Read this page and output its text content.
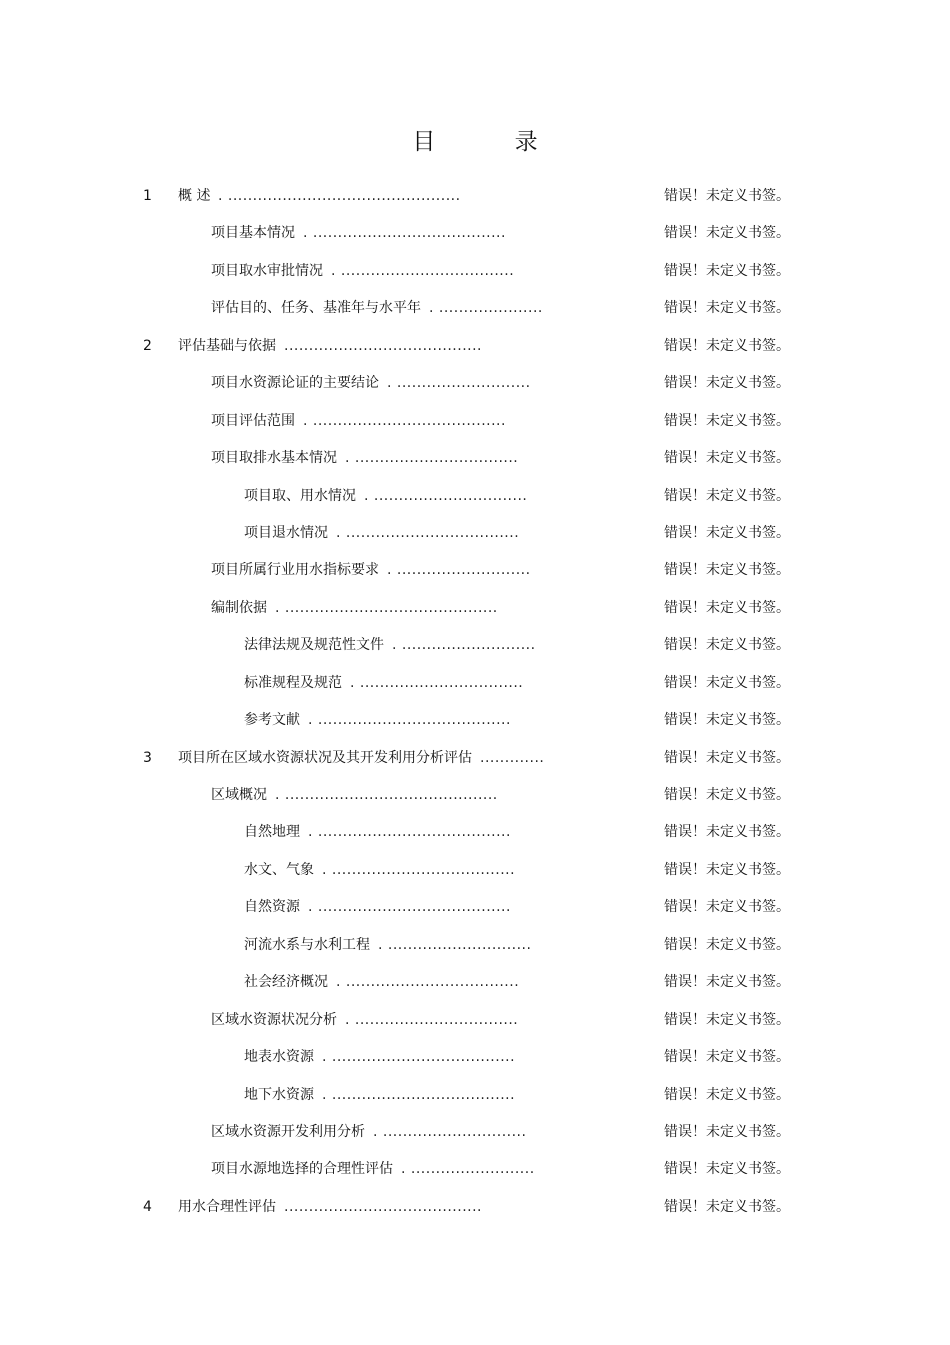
目 录
1	概 述 . ...............................................	错误！未定义书签。
项目基本情况 . .......................................	错误！未定义书签。
项目取水审批情况 . ...................................	错误！未定义书签。
评估目的、任务、基准年与水平年 . .....................	错误！未定义书签。
2	评估基础与依据 ........................................	错误！未定义书签。
项目水资源论证的主要结论 . ...........................	错误！未定义书签。
项目评估范围 . .......................................	错误！未定义书签。
项目取排水基本情况 . .................................	错误！未定义书签。
项目取、用水情况 . ...............................	错误！未定义书签。
项目退水情况 . ...................................	错误！未定义书签。
项目所属行业用水指标要求 . ...........................	错误！未定义书签。
编制依据 . ...........................................	错误！未定义书签。
法律法规及规范性文件 . ...........................	错误！未定义书签。
标准规程及规范 . .................................	错误！未定义书签。
参考文献 . .......................................	错误！未定义书签。
3	项目所在区域水资源状况及其开发利用分析评估 .............	错误！未定义书签。
区域概况 . ...........................................	错误！未定义书签。
自然地理 . .......................................	错误！未定义书签。
水文、气象 . .....................................	错误！未定义书签。
自然资源 . .......................................	错误！未定义书签。
河流水系与水利工程 . .............................	错误！未定义书签。
社会经济概况 . ...................................	错误！未定义书签。
区域水资源状况分析 . .................................	错误！未定义书签。
地表水资源 . .....................................	错误！未定义书签。
地下水资源 . .....................................	错误！未定义书签。
区域水资源开发利用分析 . .............................	错误！未定义书签。
项目水源地选择的合理性评估 . .........................	错误！未定义书签。
4	用水合理性评估 ........................................	错误！未定义书签。
